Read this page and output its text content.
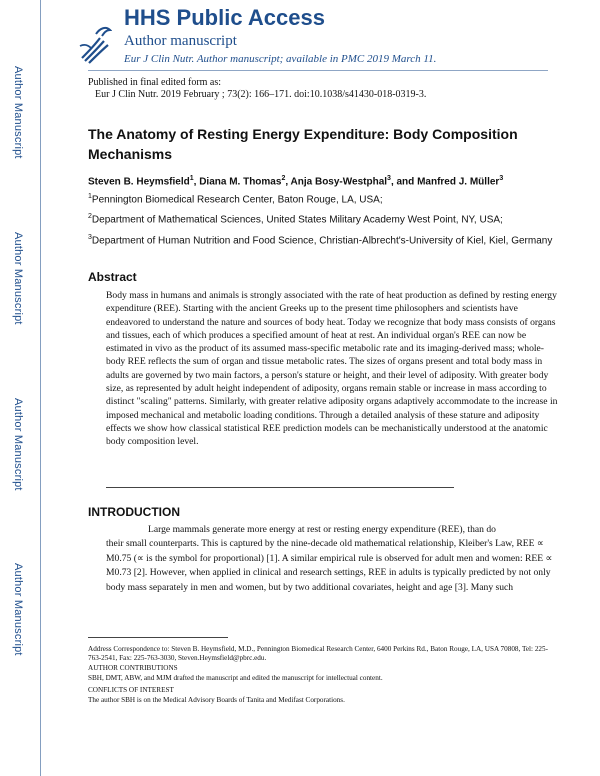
Author Manuscript
Author Manuscript
Author Manuscript
Author Manuscript
HHS Public Access
Author manuscript
Eur J Clin Nutr. Author manuscript; available in PMC 2019 March 11.
Published in final edited form as:
Eur J Clin Nutr. 2019 February ; 73(2): 166–171. doi:10.1038/s41430-018-0319-3.
The Anatomy of Resting Energy Expenditure: Body Composition Mechanisms
Steven B. Heymsfield$^1$, Diana M. Thomas$^2$, Anja Bosy-Westphal$^3$, and Manfred J. Müller$^3$
$^1$Pennington Biomedical Research Center, Baton Rouge, LA, USA;
$^2$Department of Mathematical Sciences, United States Military Academy West Point, NY, USA;
$^3$Department of Human Nutrition and Food Science, Christian-Albrecht's-University of Kiel, Kiel, Germany
Abstract
Body mass in humans and animals is strongly associated with the rate of heat production as defined by resting energy expenditure (REE). Starting with the ancient Greeks up to the present time philosophers and scientists have endeavored to understand the nature and sources of body heat. Today we recognize that body mass consists of organs and tissues, each of which produces a specified amount of heat at rest. An individual organ's REE can now be estimated in vivo as the product of its assumed mass-specific metabolic rate and its imaging-derived mass; whole-body REE reflects the sum of organ and tissue metabolic rates. The sizes of organs present and total body mass in adults are governed by two main factors, a person's stature or height, and their level of adiposity. With greater body size, as represented by adult height independent of adiposity, organs remain stable or increase in mass according to distinct "scaling" patterns. Similarly, with greater relative adiposity organs adaptively accommodate to the increase in imposed mechanical and metabolic loading conditions. Through a detailed analysis of these stature and adiposity effects we show how classical statistical REE prediction models can be mechanistically understood at the anatomic body composition level.
INTRODUCTION
Large mammals generate more energy at rest or resting energy expenditure (REE), than do
their small counterparts. This is captured by the nine-decade old mathematical relationship, Kleiber's Law, REE ∝ M0.75 (∝ is the symbol for proportional) [1]. A similar empirical rule is observed for adult men and women: REE ∝ M0.73 [2]. However, when applied in clinical and research settings, REE in adults is typically predicted by not only body mass separately in men and women, but by two additional covariates, height and age [3]. Many such
Address Correspondence to: Steven B. Heymsfield, M.D., Pennington Biomedical Research Center, 6400 Perkins Rd., Baton Rouge, LA, USA 70808, Tel: 225-763-2541, Fax: 225-763-3030, Steven.Heymsfield@pbrc.edu.
AUTHOR CONTRIBUTIONS
SBH, DMT, ABW, and MJM drafted the manuscript and edited the manuscript for intellectual content.
CONFLICTS OF INTEREST
The author SBH is on the Medical Advisory Boards of Tanita and Medifast Corporations.
